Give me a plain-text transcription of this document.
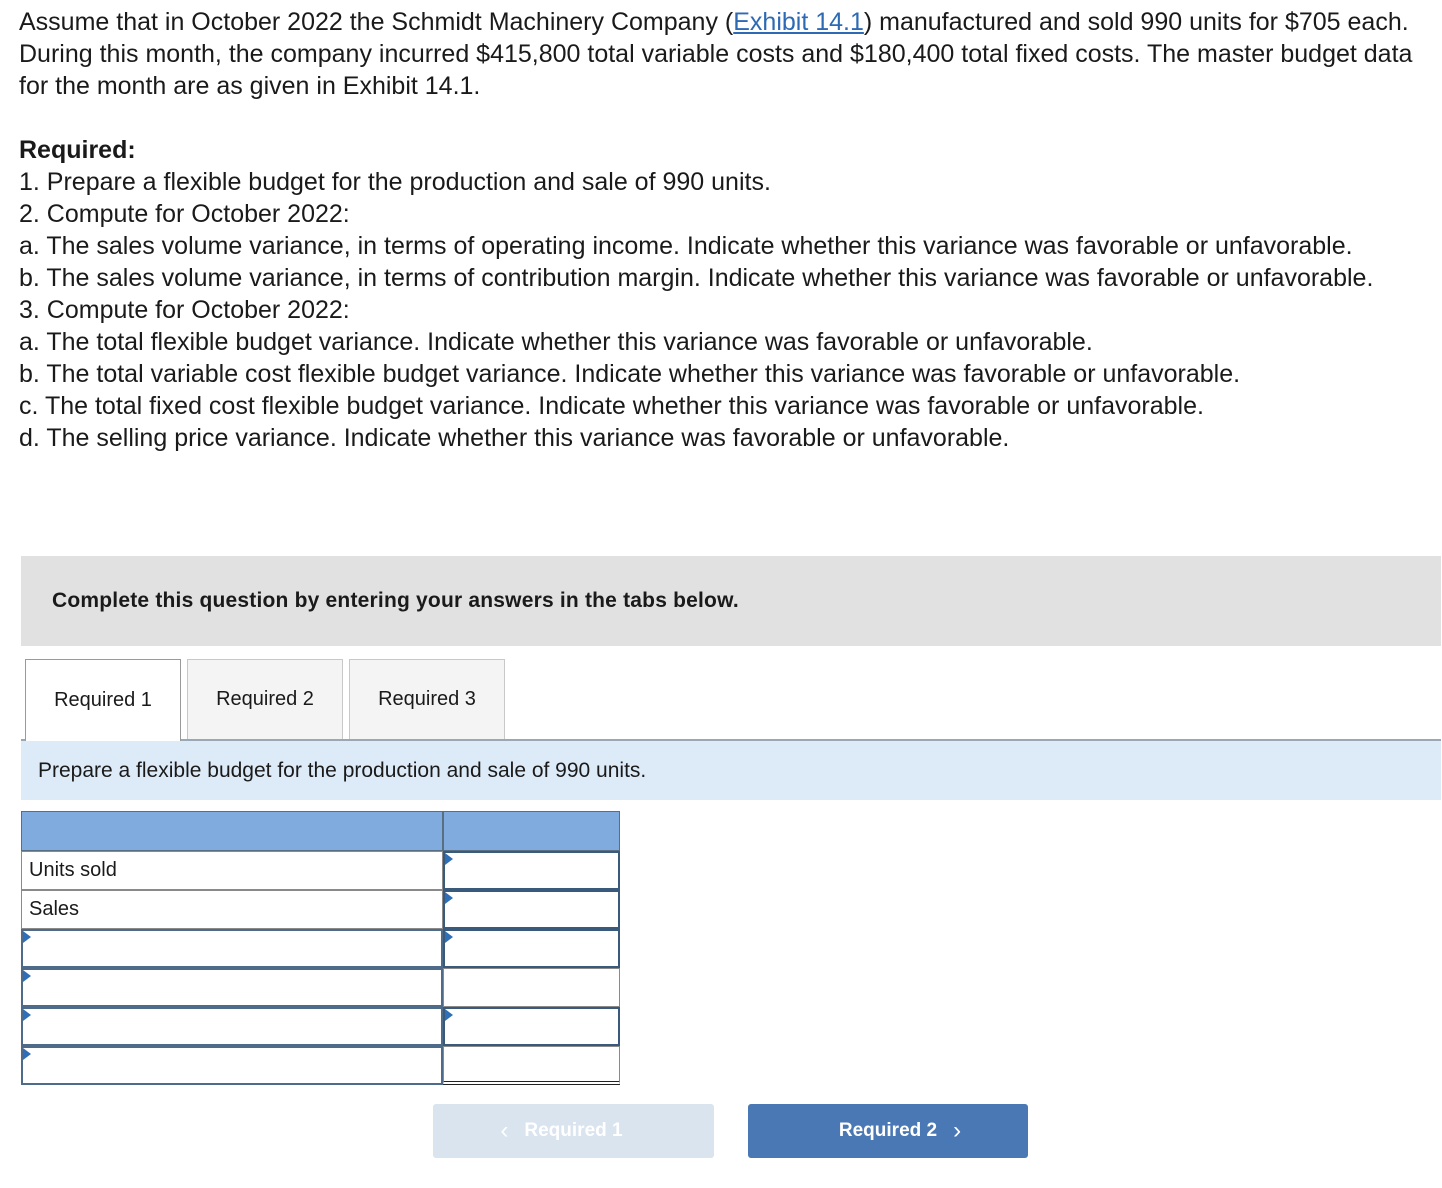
Assume that in October 2022 the Schmidt Machinery Company (Exhibit 14.1) manufactured and sold 990 units for $705 each. During this month, the company incurred $415,800 total variable costs and $180,400 total fixed costs. The master budget data for the month are as given in Exhibit 14.1.

Required:

1. Prepare a flexible budget for the production and sale of 990 units.

2. Compute for October 2022:

a. The sales volume variance, in terms of operating income. Indicate whether this variance was favorable or unfavorable.

b. The sales volume variance, in terms of contribution margin. Indicate whether this variance was favorable or unfavorable.

3. Compute for October 2022:

a. The total flexible budget variance. Indicate whether this variance was favorable or unfavorable.

b. The total variable cost flexible budget variance. Indicate whether this variance was favorable or unfavorable.

c. The total fixed cost flexible budget variance. Indicate whether this variance was favorable or unfavorable.

d. The selling price variance. Indicate whether this variance was favorable or unfavorable.

Complete this question by entering your answers in the tabs below.
Required 1	Required 2	Required 3
Prepare a flexible budget for the production and sale of 990 units.
Units sold
Sales
‹ Required 1	Required 2 ›
